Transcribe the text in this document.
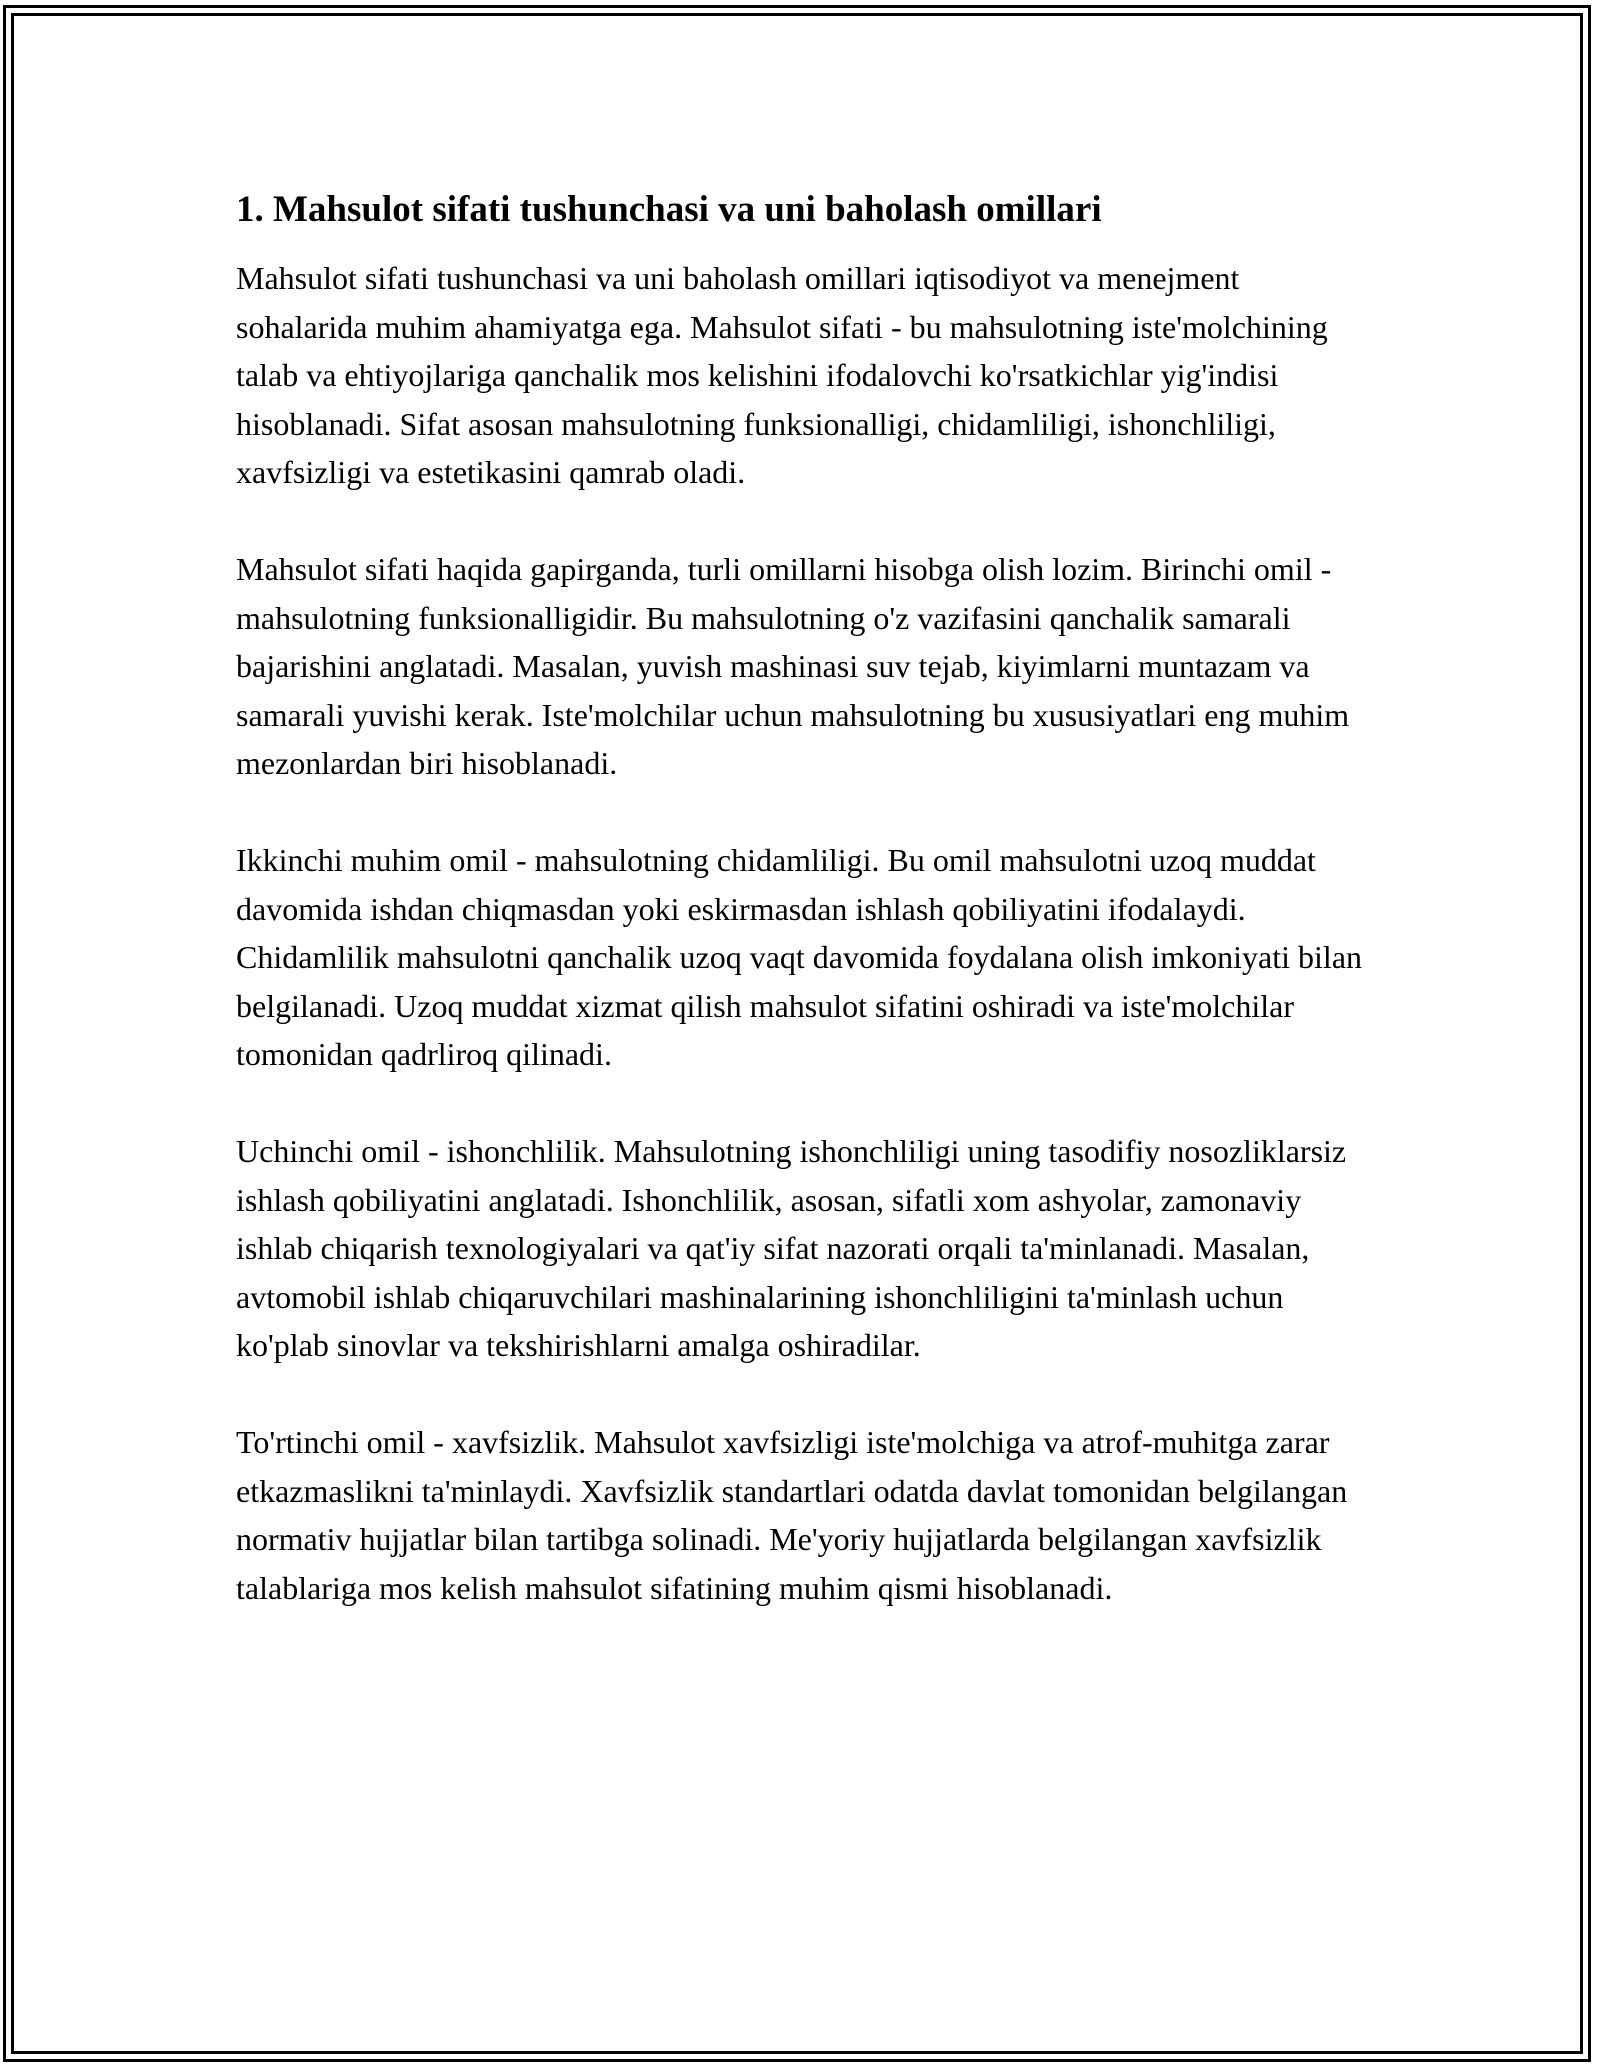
1. Mahsulot sifati tushunchasi va uni baholash omillari

Mahsulot sifati tushunchasi va uni baholash omillari iqtisodiyot va menejment sohalarida muhim ahamiyatga ega. Mahsulot sifati - bu mahsulotning iste'molchining talab va ehtiyojlariga qanchalik mos kelishini ifodalovchi ko'rsatkichlar yig'indisi hisoblanadi. Sifat asosan mahsulotning funksionalligi, chidamliligi, ishonchliligi, xavfsizligi va estetikasini qamrab oladi.

Mahsulot sifati haqida gapirganda, turli omillarni hisobga olish lozim. Birinchi omil - mahsulotning funksionalligidir. Bu mahsulotning o'z vazifasini qanchalik samarali bajarishini anglatadi. Masalan, yuvish mashinasi suv tejab, kiyimlarni muntazam va samarali yuvishi kerak. Iste'molchilar uchun mahsulotning bu xususiyatlari eng muhim mezonlardan biri hisoblanadi.

Ikkinchi muhim omil - mahsulotning chidamliligi. Bu omil mahsulotni uzoq muddat davomida ishdan chiqmasdan yoki eskirmasdan ishlash qobiliyatini ifodalaydi. Chidamlilik mahsulotni qanchalik uzoq vaqt davomida foydalana olish imkoniyati bilan belgilanadi. Uzoq muddat xizmat qilish mahsulot sifatini oshiradi va iste'molchilar tomonidan qadrliroq qilinadi.

Uchinchi omil - ishonchlilik. Mahsulotning ishonchliligi uning tasodifiy nosozliklarsiz ishlash qobiliyatini anglatadi. Ishonchlilik, asosan, sifatli xom ashyolar, zamonaviy ishlab chiqarish texnologiyalari va qat'iy sifat nazorati orqali ta'minlanadi. Masalan, avtomobil ishlab chiqaruvchilari mashinalarining ishonchliligini ta'minlash uchun ko'plab sinovlar va tekshirishlarni amalga oshiradilar.

To'rtinchi omil - xavfsizlik. Mahsulot xavfsizligi iste'molchiga va atrof-muhitga zarar etkazmaslikni ta'minlaydi. Xavfsizlik standartlari odatda davlat tomonidan belgilangan normativ hujjatlar bilan tartibga solinadi. Me'yoriy hujjatlarda belgilangan xavfsizlik talablariga mos kelish mahsulot sifatining muhim qismi hisoblanadi.
